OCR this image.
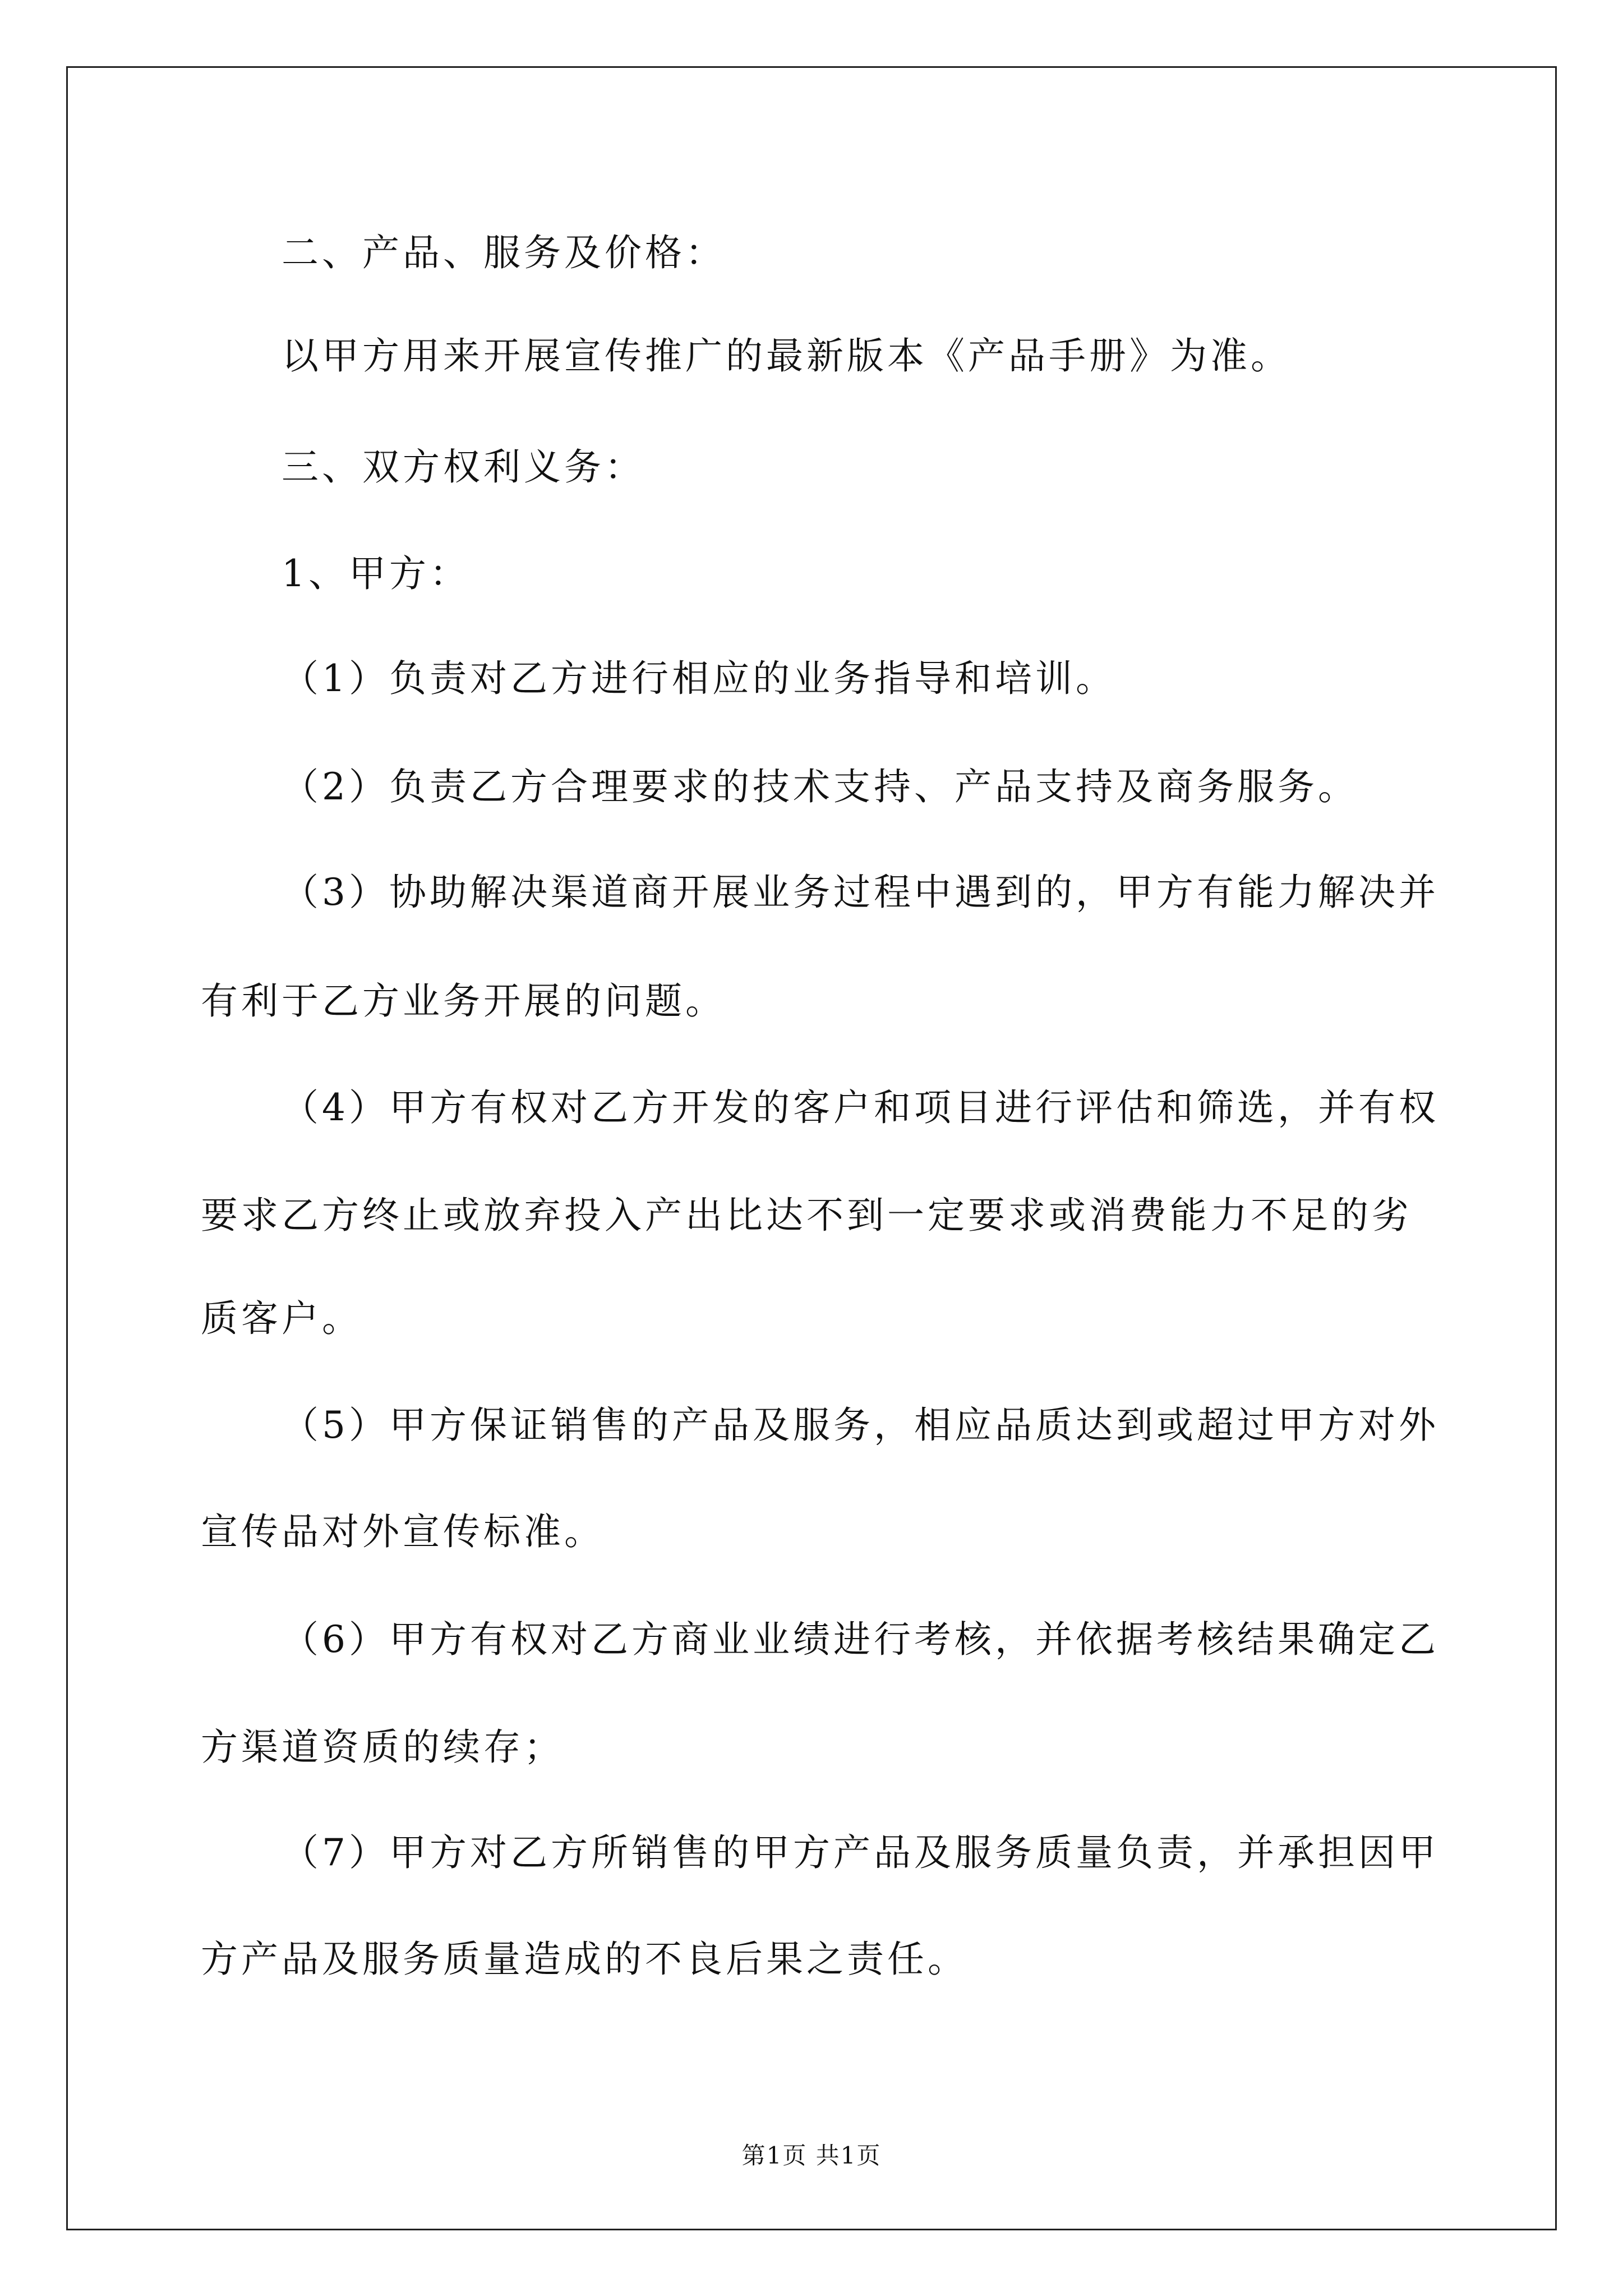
二、产品、服务及价格：
以甲方用来开展宣传推广的最新版本《产品手册》为准。
三、双方权利义务：
1、甲方：
（1）负责对乙方进行相应的业务指导和培训。
（2）负责乙方合理要求的技术支持、产品支持及商务服务。
（3）协助解决渠道商开展业务过程中遇到的，甲方有能力解决并
有利于乙方业务开展的问题。
（4）甲方有权对乙方开发的客户和项目进行评估和筛选，并有权
要求乙方终止或放弃投入产出比达不到一定要求或消费能力不足的劣
质客户。
（5）甲方保证销售的产品及服务，相应品质达到或超过甲方对外
宣传品对外宣传标准。
（6）甲方有权对乙方商业业绩进行考核，并依据考核结果确定乙
方渠道资质的续存；
（7）甲方对乙方所销售的甲方产品及服务质量负责，并承担因甲
方产品及服务质量造成的不良后果之责任。
第1页 共1页
